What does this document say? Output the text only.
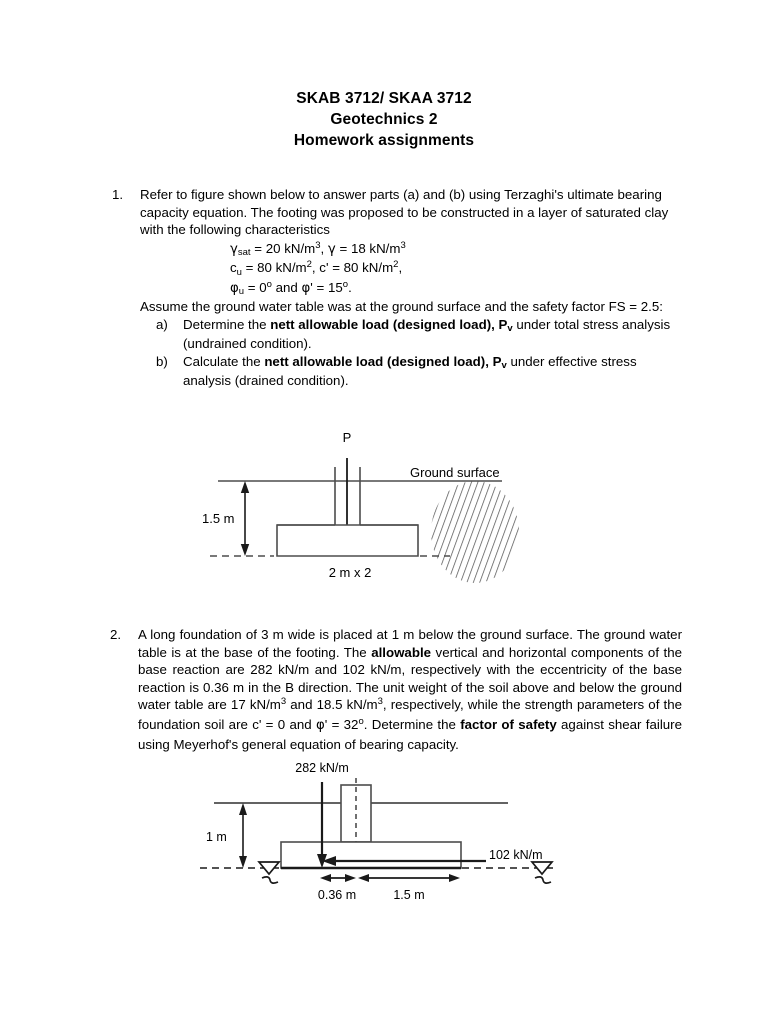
SKAB 3712/ SKAA 3712
Geotechnics 2
Homework assignments
1.	Refer to figure shown below to answer parts (a) and (b) using Terzaghi's ultimate bearing capacity equation. The footing was proposed to be constructed in a layer of saturated clay with the following characteristics
$\gamma_{sat} = 20$ $kN/m^3$, γ = 18 $kN/m^3$
$c_u = 80$ $kN/m^2$, c' = 80 $kN/m^2$,
$\varphi_u = 0^o$ and $\varphi' = 15^o$.
Assume the ground water table was at the ground surface and the safety factor FS = 2.5:
a)	Determine the nett allowable load (designed load), $P_v$ under total stress analysis (undrained condition).
b)	Calculate the nett allowable load (designed load), $P_v$ under effective stress analysis (drained condition).
P
Ground surface
1.5 m
2 m x 2
2.	A long foundation of 3 m wide is placed at 1 m below the ground surface. The ground water table is at the base of the footing. The allowable vertical and horizontal components of the base reaction are 282 kN/m and 102 kN/m, respectively with the eccentricity of the base reaction is 0.36 m in the B direction. The unit weight of the soil above and below the ground water table are 17 $kN/m^3$ and 18.5 $kN/m^3$, respectively, while the strength parameters of the foundation soil are c' = 0 and $\varphi' = 32^o$. Determine the factor of safety against shear failure using Meyerhof's general equation of bearing capacity.
282 kN/m
102 kN/m
1 m
0.36 m	1.5 m
